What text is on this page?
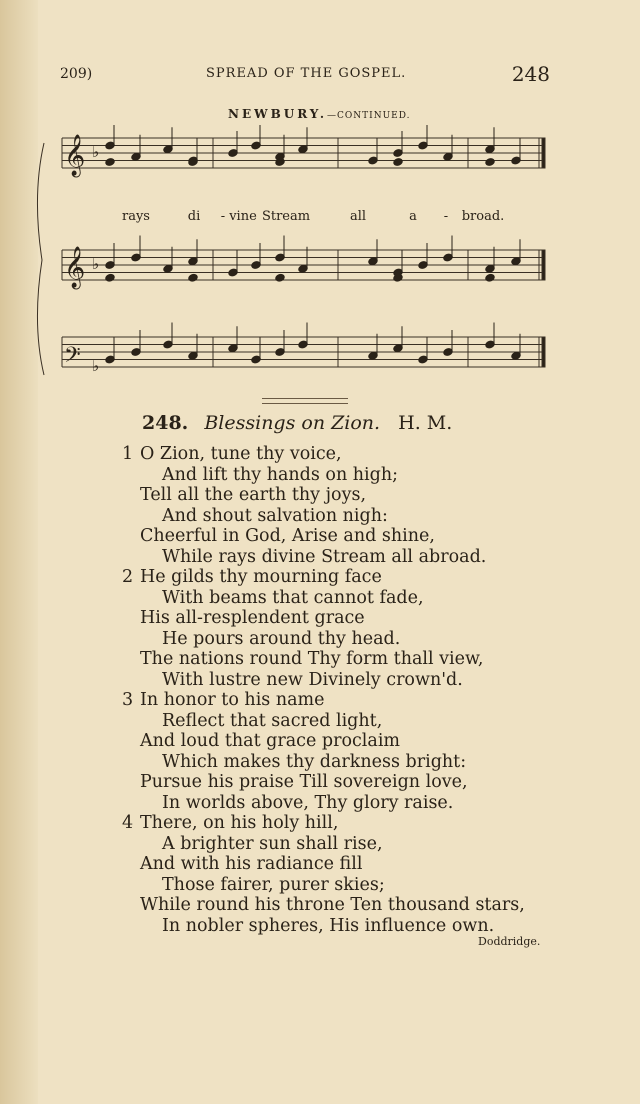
209)	SPREAD OF THE GOSPEL.	248
NEWBURY.—CONTINUED.
𝄞 ♭
𝄞 ♭
𝄢 ♭
rays	di - vine Stream	all	a - broad.
248. Blessings on Zion. H. M.
1 O Zion, tune thy voice,
And lift thy hands on high;
Tell all the earth thy joys,
And shout salvation nigh:
Cheerful in God, Arise and shine,
While rays divine Stream all abroad.
2 He gilds thy mourning face
With beams that cannot fade,
His all-resplendent grace
He pours around thy head.
The nations round Thy form thall view,
With lustre new Divinely crown'd.
3 In honor to his name
Reflect that sacred light,
And loud that grace proclaim
Which makes thy darkness bright:
Pursue his praise Till sovereign love,
In worlds above, Thy glory raise.
4 There, on his holy hill,
A brighter sun shall rise,
And with his radiance fill
Those fairer, purer skies;
While round his throne Ten thousand stars,
In nobler spheres, His influence own.
Doddridge.
